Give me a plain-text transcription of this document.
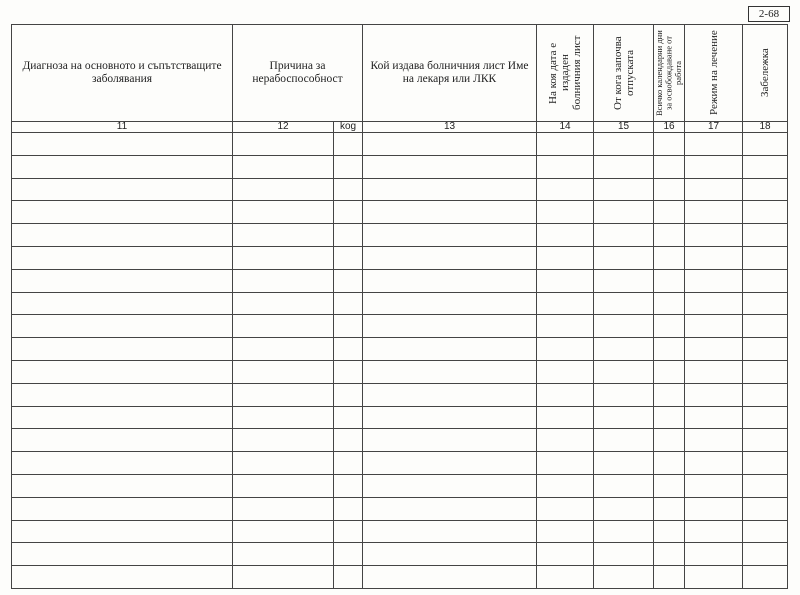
2-68
Диагноза на основното и съпътстващите заболявания	Причина за нерабоспособност		Кой издава болничния лист Име на лекаря или ЛКК	На коя дата е издаден болничния лист	От кога започва отпуската	Всичко календарни дни за освобождаване от работа	Режим на лечение	Забележка

11	12	kog	13	14	15	16	17	18
